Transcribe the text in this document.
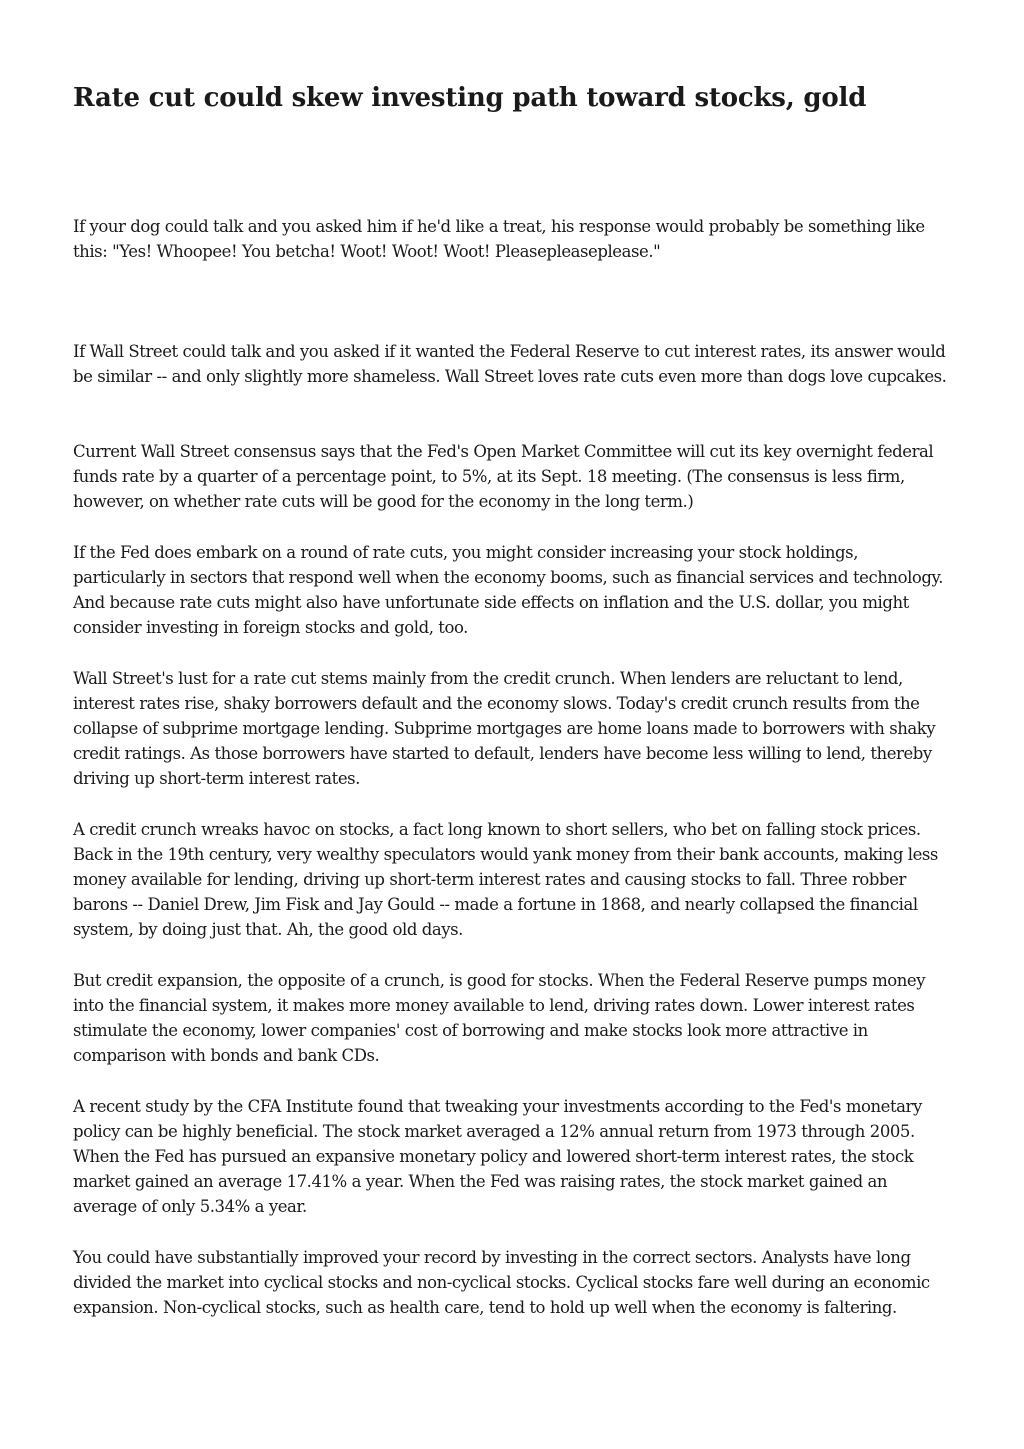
Rate cut could skew investing path toward stocks, gold

If your dog could talk and you asked him if he'd like a treat, his response would probably be something like this: "Yes! Whoopee! You betcha! Woot! Woot! Woot! Pleasepleaseplease."

If Wall Street could talk and you asked if it wanted the Federal Reserve to cut interest rates, its answer would be similar -- and only slightly more shameless. Wall Street loves rate cuts even more than dogs love cupcakes.

Current Wall Street consensus says that the Fed's Open Market Committee will cut its key overnight federal funds rate by a quarter of a percentage point, to 5%, at its Sept. 18 meeting. (The consensus is less firm, however, on whether rate cuts will be good for the economy in the long term.)

If the Fed does embark on a round of rate cuts, you might consider increasing your stock holdings, particularly in sectors that respond well when the economy booms, such as financial services and technology. And because rate cuts might also have unfortunate side effects on inflation and the U.S. dollar, you might consider investing in foreign stocks and gold, too.

Wall Street's lust for a rate cut stems mainly from the credit crunch. When lenders are reluctant to lend, interest rates rise, shaky borrowers default and the economy slows. Today's credit crunch results from the collapse of subprime mortgage lending. Subprime mortgages are home loans made to borrowers with shaky credit ratings. As those borrowers have started to default, lenders have become less willing to lend, thereby driving up short-term interest rates.

A credit crunch wreaks havoc on stocks, a fact long known to short sellers, who bet on falling stock prices. Back in the 19th century, very wealthy speculators would yank money from their bank accounts, making less money available for lending, driving up short-term interest rates and causing stocks to fall. Three robber barons -- Daniel Drew, Jim Fisk and Jay Gould -- made a fortune in 1868, and nearly collapsed the financial system, by doing just that. Ah, the good old days.

But credit expansion, the opposite of a crunch, is good for stocks. When the Federal Reserve pumps money into the financial system, it makes more money available to lend, driving rates down. Lower interest rates stimulate the economy, lower companies' cost of borrowing and make stocks look more attractive in comparison with bonds and bank CDs.

A recent study by the CFA Institute found that tweaking your investments according to the Fed's monetary policy can be highly beneficial. The stock market averaged a 12% annual return from 1973 through 2005. When the Fed has pursued an expansive monetary policy and lowered short-term interest rates, the stock market gained an average 17.41% a year. When the Fed was raising rates, the stock market gained an average of only 5.34% a year.

You could have substantially improved your record by investing in the correct sectors. Analysts have long divided the market into cyclical stocks and non-cyclical stocks. Cyclical stocks fare well during an economic expansion. Non-cyclical stocks, such as health care, tend to hold up well when the economy is faltering.
